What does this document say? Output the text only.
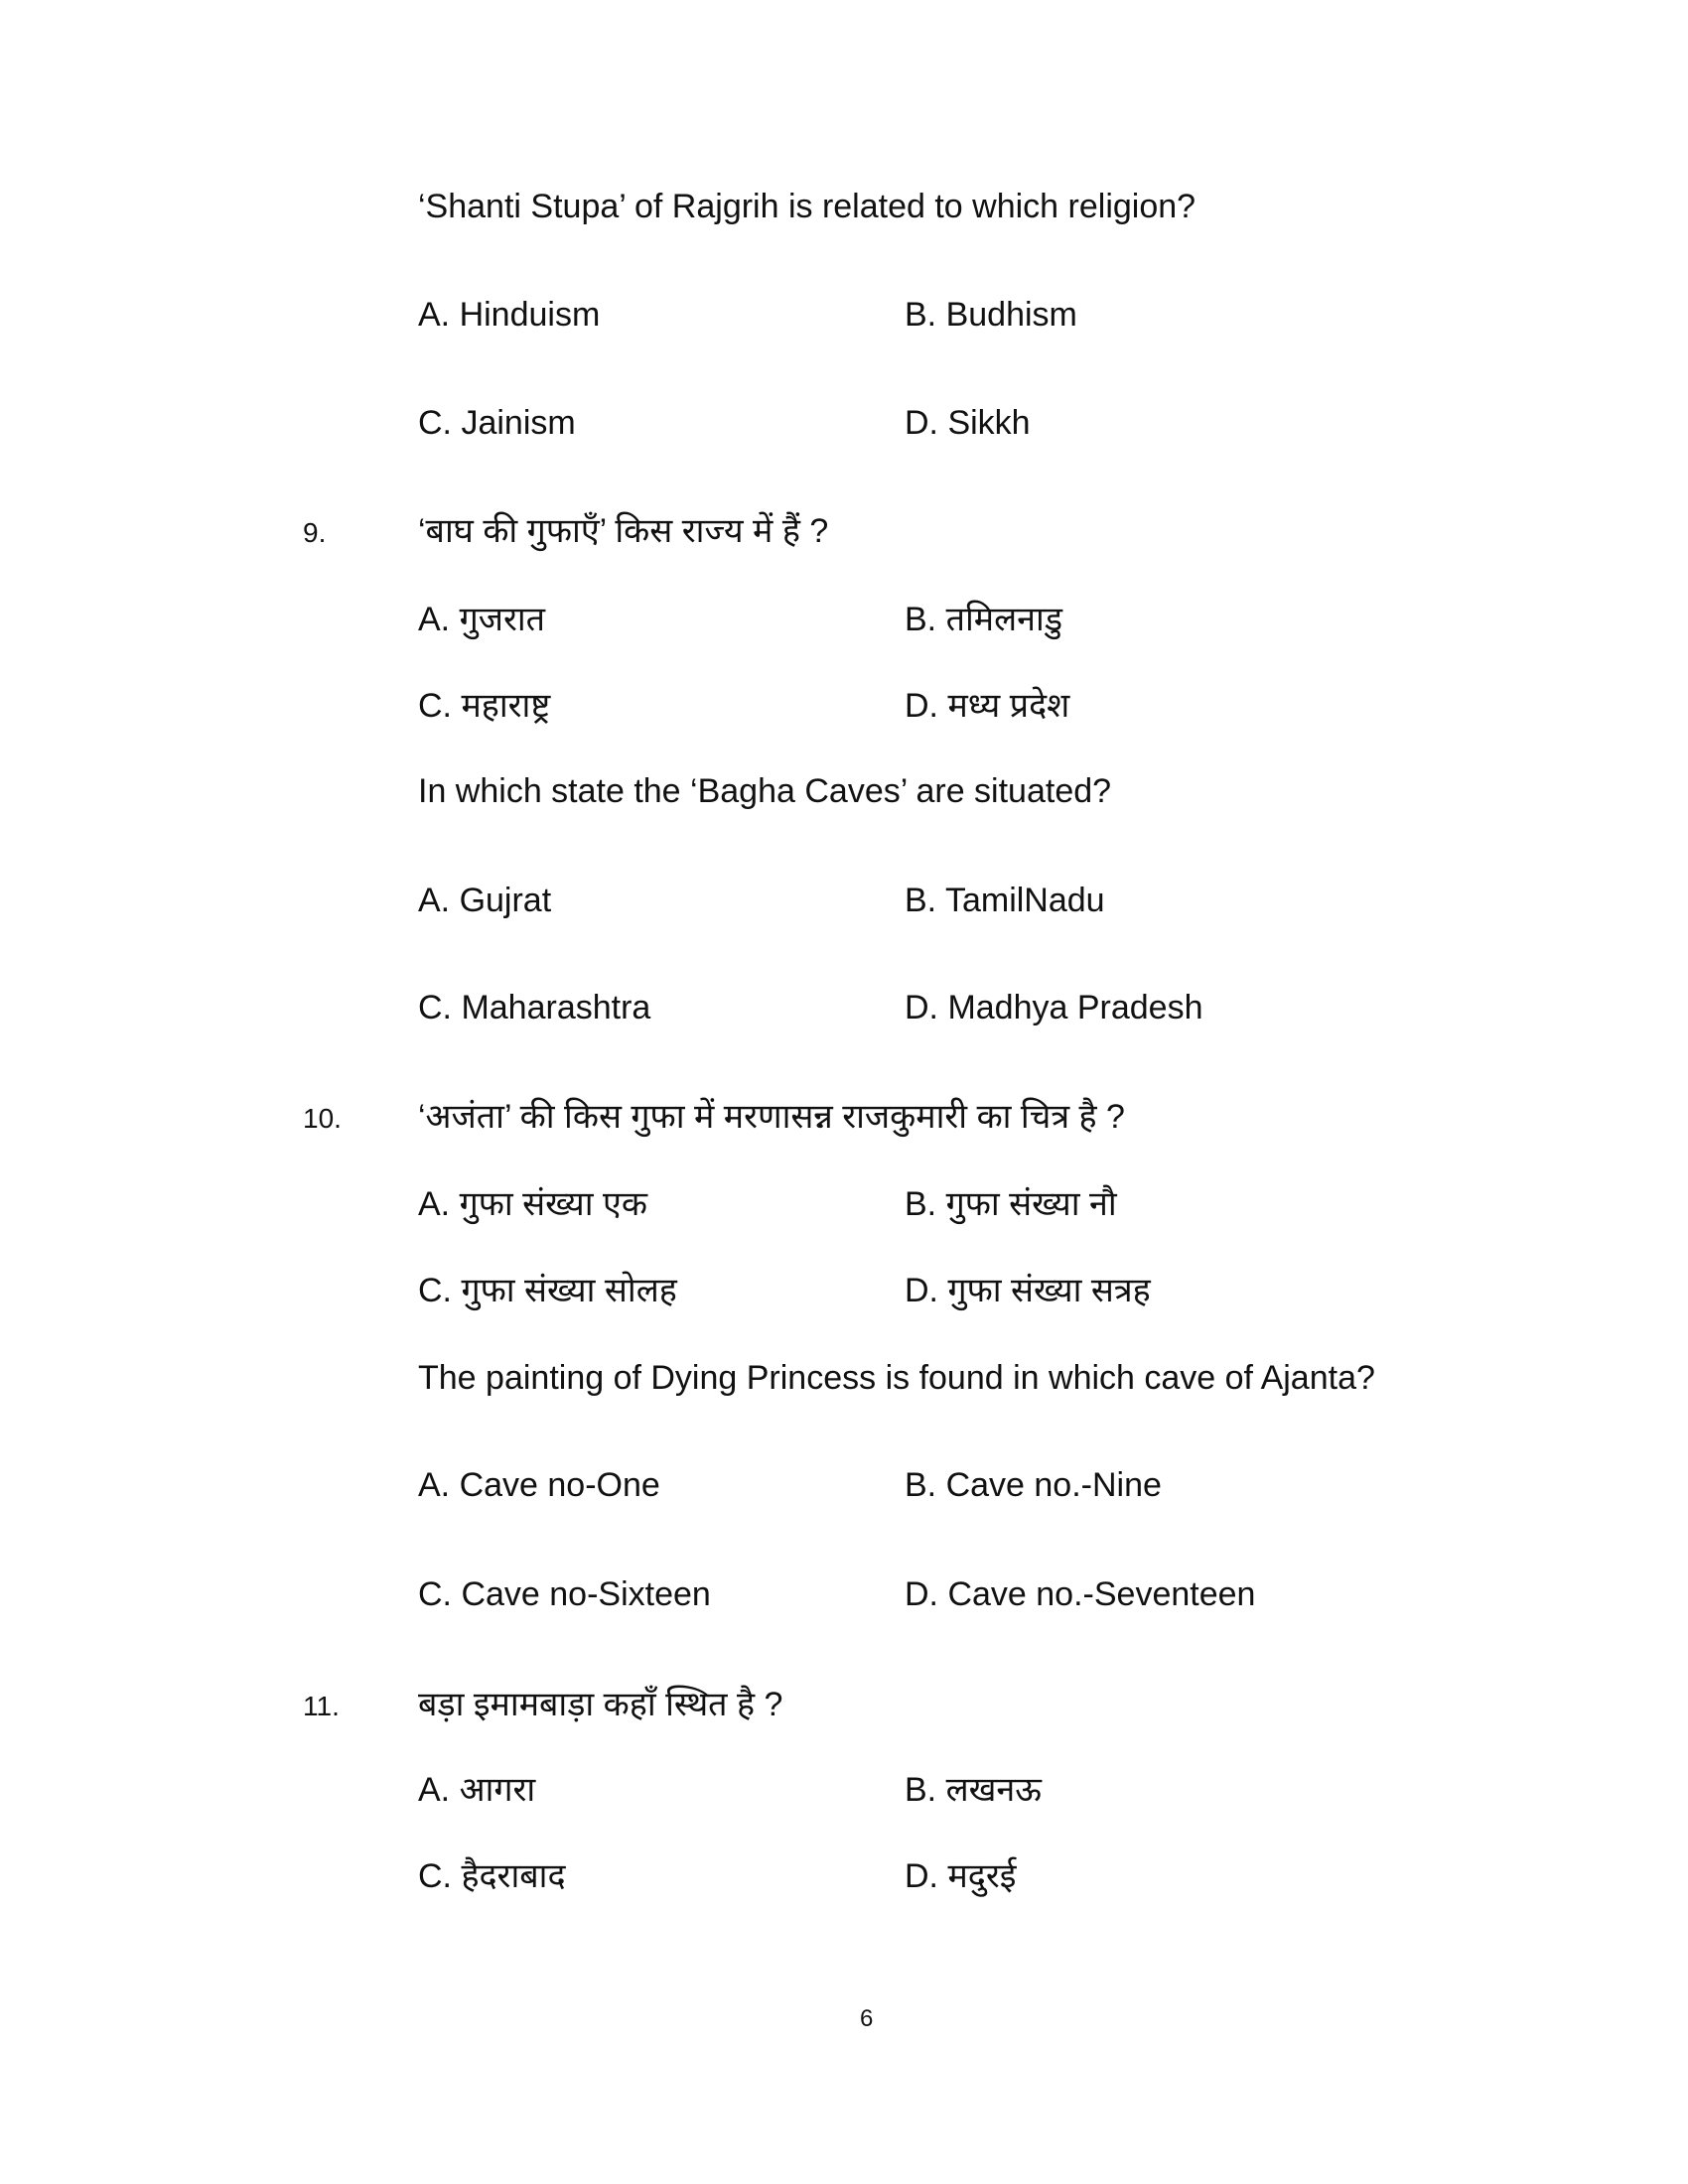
‘Shanti Stupa’ of Rajgrih is related to which religion?
A. Hinduism	B. Budhism
C. Jainism	D. Sikkh
9.	‘बाघ की गुफाएँ’ किस राज्य में हैं ?
A. गुजरात	B. तमिलनाडु
C. महाराष्ट्र	D. मध्य प्रदेश
In which state the ‘Bagha Caves’ are situated?
A. Gujrat	B. TamilNadu
C. Maharashtra	D. Madhya Pradesh
10. ‘अजंता’ की किस गुफा में मरणासन्न राजकुमारी का चित्र है ?
A. गुफा संख्या एक	B. गुफा संख्या नौ
C. गुफा संख्या सोलह	D. गुफा संख्या सत्रह
The painting of Dying Princess is found in which cave of Ajanta?
A. Cave no-One	B. Cave no.-Nine
C. Cave no-Sixteen	D. Cave no.-Seventeen
11. बड़ा इमामबाड़ा कहाँ स्थित है ?
A. आगरा	B. लखनऊ
C. हैदराबाद	D. मदुरई
6
